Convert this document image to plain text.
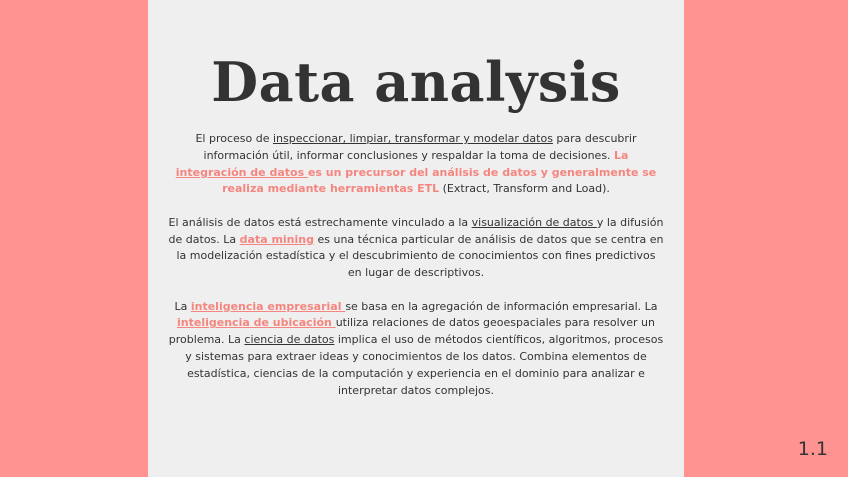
Data analysis

El proceso de inspeccionar, limpiar, transformar y modelar datos para descubrir información útil, informar conclusiones y respaldar la toma de decisiones. La integración de datos es un precursor del análisis de datos y generalmente se realiza mediante herramientas ETL (Extract, Transform and Load).

El análisis de datos está estrechamente vinculado a la visualización de datos y la difusión de datos. La data mining es una técnica particular de análisis de datos que se centra en la modelización estadística y el descubrimiento de conocimientos con fines predictivos en lugar de descriptivos.

La inteligencia empresarial se basa en la agregación de información empresarial. La inteligencia de ubicación utiliza relaciones de datos geoespaciales para resolver un problema. La ciencia de datos implica el uso de métodos científicos, algoritmos, procesos y sistemas para extraer ideas y conocimientos de los datos. Combina elementos de estadística, ciencias de la computación y experiencia en el dominio para analizar e interpretar datos complejos.

1.1
